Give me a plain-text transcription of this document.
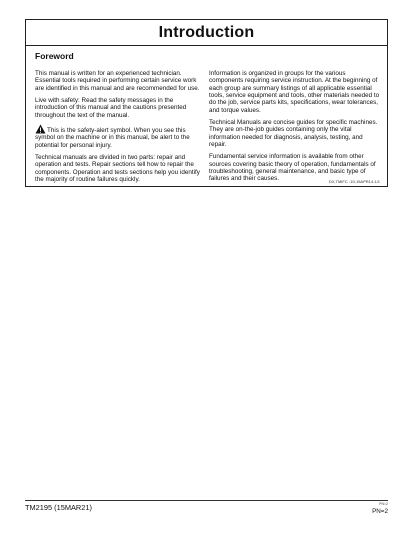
Introduction
Foreword

This manual is written for an experienced technician. Essential tools required in performing certain service work are identified in this manual and are recommended for use.

Live with safety: Read the safety messages in the introduction of this manual and the cautions presented throughout the text of the manual.

This is the safety-alert symbol. When you see this symbol on the machine or in this manual, be alert to the potential for personal injury.

Technical manuals are divided in two parts: repair and operation and tests. Repair sections tell how to repair the components. Operation and tests sections help you identify the majority of routine failures quickly.

Information is organized in groups for the various components requiring service instruction. At the beginning of each group are summary listings of all applicable essential tools, service equipment and tools, other materials needed to do the job, service parts kits, specifications, wear tolerances, and torque values.

Technical Manuals are concise guides for specific machines. They are on-the-job guides containing only the vital information needed for diagnosis, analysis, testing, and repair.

Fundamental service information is available from other sources covering basic theory of operation, fundamentals of troubleshooting, general maintenance, and basic type of failures and their causes.	DX,TMIFC -19-15APR14-1/1
TM2195 (15MAR21)	PN=2
PN=2
